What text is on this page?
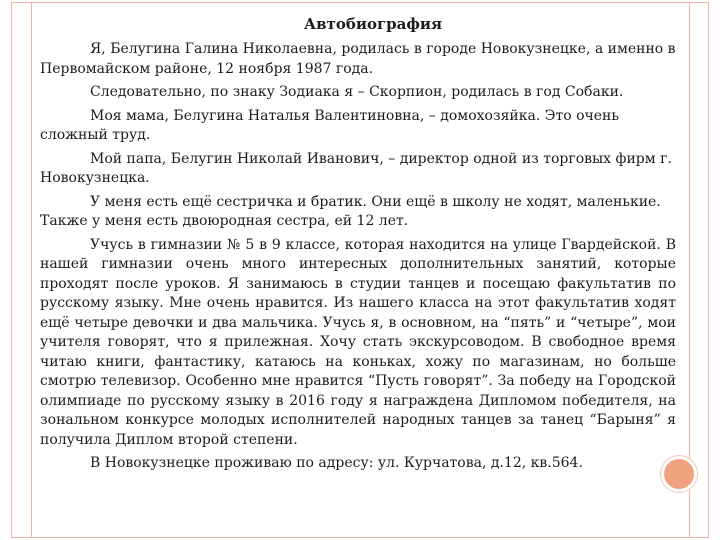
Автобиография

Я, Белугина Галина Николаевна, родилась в городе Новокузнецке, а именно в Первомайском районе, 12 ноября 1987 года.

Следовательно, по знаку Зодиака я – Скорпион, родилась в год Собаки.

Моя мама, Белугина Наталья Валентиновна, – домохозяйка. Это очень сложный труд.

Мой папа, Белугин Николай Иванович, – директор одной из торговых фирм г. Новокузнецка.

У меня есть ещё сестричка и братик. Они ещё в школу не ходят, маленькие. Также у меня есть двоюродная сестра, ей 12 лет.

Учусь в гимназии № 5 в 9 классе, которая находится на улице Гвардейской. В нашей гимназии очень много интересных дополнительных занятий, которые проходят после уроков. Я занимаюсь в студии танцев и посещаю факультатив по русскому языку. Мне очень нравится. Из нашего класса на этот факультатив ходят ещё четыре девочки и два мальчика. Учусь я, в основном, на “пять” и “четыре”, мои учителя говорят, что я прилежная. Хочу стать экскурсоводом. В свободное время читаю книги, фантастику, катаюсь на коньках, хожу по магазинам, но больше смотрю телевизор. Особенно мне нравится “Пусть говорят”. За победу на Городской олимпиаде по русскому языку в 2016 году я награждена Дипломом победителя, на зональном конкурсе молодых исполнителей народных танцев за танец “Барыня” я получила Диплом второй степени.

В Новокузнецке проживаю по адресу: ул. Курчатова, д.12, кв.564.
